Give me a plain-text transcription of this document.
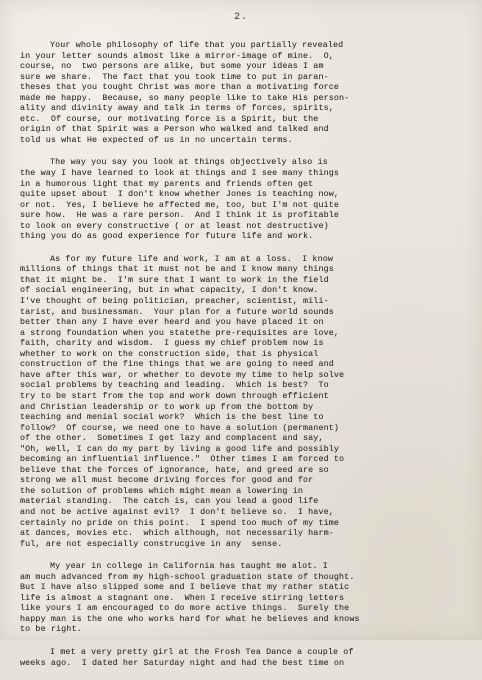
2.
Your whole philosophy of life that you partially revealed
in your letter sounds almost like a mirror-image of mine.  O,
course, no  two persons are alike, but some your ideas I am
sure we share.  The fact that you took time to put in paran-
theses that you tought Christ was more than a motivating force
made me happy.  Because, so many people like to take His person-
ality and divinity away and talk in terms of forces, spirits,
etc.  Of course, our motivating force is a Spirit, but the
origin of that Spirit was a Person who walked and talked and
told us what He expected of us in no uncertain terms.
The way you say you look at things objectively also is
the way I have learned to look at things and I see many things
in a humorous light that my parents and friends often get
quite upset about  I don't know whether Jones is teaching now,
or not.  Yes, I believe he affected me, too, but I'm not quite
sure how.  He was a rare person.  And I think it is profitable
to look on every constructive ( or at least not destructive)
thing you do as good experience for future life and work.
As for my future life and work, I am at a loss.  I know
millions of things that it must not be and I know many things
that it might be.  I'm sure that I want to work in the field
of social engineering, but in what capacity, I don't know.
I've thought of being politician, preacher, scientist, mili-
tarist, and businessman.  Your plan for a future world sounds
better than any I have ever heard and you have placed it on
a strong foundation when you statethe pre-requisites are love,
faith, charity and wisdom.  I guess my chief problem now is
whether to work on the construction side, that is physical
construction of the fine things that we are going to need and
have after this war, or whether to devote my time to help solve
social problems by teaching and leading.  Which is best?  To
try to be start from the top and work down through efficient
and Christian leadership or to work up from the bottom by
teaching and menial social work?  Which is the best line to
follow?  Of course, we need one to have a solution (permanent)
of the other.  Sometimes I get lazy and complacent and say,
"Oh, well, I can do my part by living a good life and possibly
becoming an influential influence."  Other times I am forced to
believe that the forces of ignorance, hate, and greed are so
strong we all must become driving forces for good and for
the solution of problems which might mean a lowering in
material standing.  The catch is, can you lead a good life
and not be active against evil?  I don't believe so.  I have,
certainly no pride on this point.  I spend too much of my time
at dances, movies etc.  which although, not necessarily harm-
ful, are not especially construcgive in any  sense.
My year in college in California has taught me alot. I
am much advanced from my high-school graduation state of thought.
But I have also slipped some and I believe that my rather static
life is almost a stagnant one.  When I receive stirring letters
like yours I am encouraged to do more active things.  Surely the
happy man is the one who works hard for what he believes and knows
to be right.
I met a very pretty girl at the Frosh Tea Dance a couple of
weeks ago.  I dated her Saturday night and had the best time on
